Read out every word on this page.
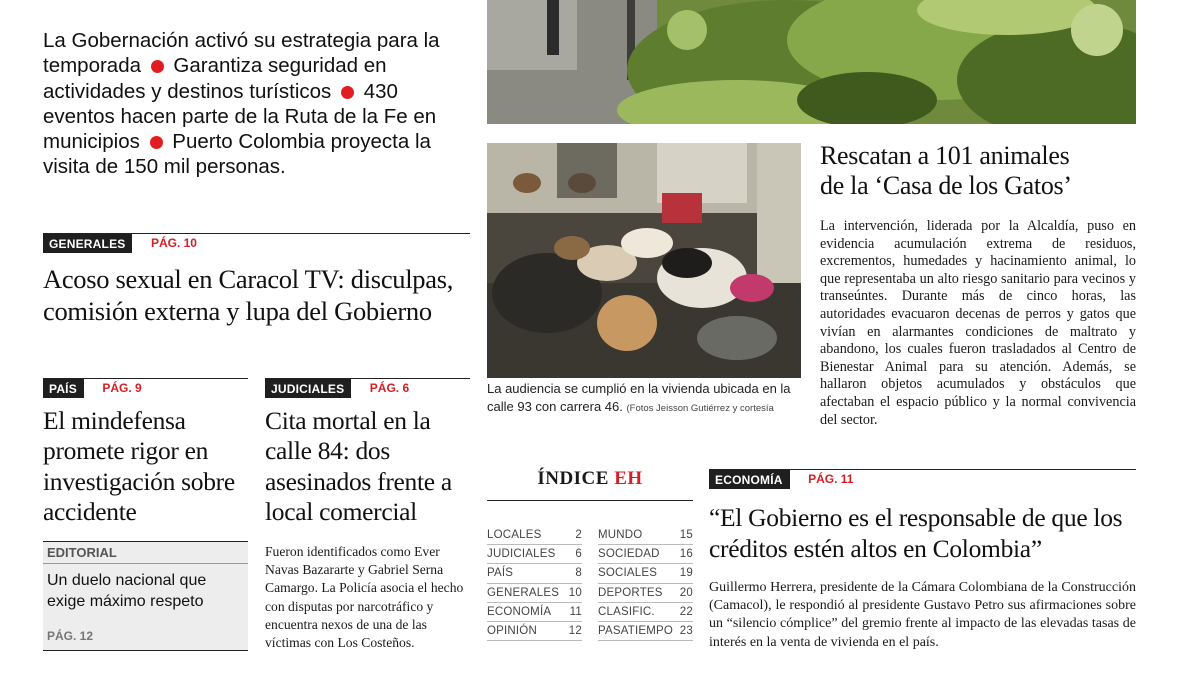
La Gobernación activó su estrategia para la temporada Garantiza seguridad en actividades y destinos turísticos 430 eventos hacen parte de la Ruta de la Fe en municipios Puerto Colombia proyecta la visita de 150 mil personas.
GENERALES PÁG. 10
Acoso sexual en Caracol TV: disculpas, comisión externa y lupa del Gobierno
PAÍS PÁG. 9
El mindefensa promete rigor en investigación sobre accidente
JUDICIALES PÁG. 6
Cita mortal en la calle 84: dos asesinados frente a local comercial
Fueron identificados como Ever Navas Bazararte y Gabriel Serna Camargo. La Policía asocia el hecho con disputas por narcotráfico y encuentra nexos de una de las víctimas con Los Costeños.
EDITORIAL
Un duelo nacional que exige máximo respeto
PÁG. 12
La audiencia se cumplió en la vivienda ubicada en la calle 93 con carrera 46. (Fotos Jeisson Gutiérrez y cortesía
Rescatan a 101 animales
de la ‘Casa de los Gatos’
La intervención, liderada por la Alcaldía, puso en evidencia acumulación extrema de residuos, excrementos, humedades y hacinamiento animal, lo que representaba un alto riesgo sanitario para vecinos y transeúntes. Durante más de cinco horas, las autoridades evacuaron decenas de perros y gatos que vivían en alarmantes condiciones de maltrato y abandono, los cuales fueron trasladados al Centro de Bienestar Animal para su atención. Además, se hallaron objetos acumulados y obstáculos que afectaban el espacio público y la normal convivencia del sector.
ÍNDICE EH
LOCALES	2
JUDICIALES 6
PAÍS	8
GENERALES 10
ECONOMÍA 11
OPINIÓN	12
MUNDO	15
SOCIEDAD 16
SOCIALES 19
DEPORTES 20
CLASIFIC. 22
PASATIEMPO 23
ECONOMÍA PÁG. 11
“El Gobierno es el responsable de que los créditos estén altos en Colombia”
Guillermo Herrera, presidente de la Cámara Colombiana de la Construcción (Camacol), le respondió al presidente Gustavo Petro sus afirmaciones sobre un “silencio cómplice” del gremio frente al impacto de las elevadas tasas de interés en la venta de vivienda en el país.
